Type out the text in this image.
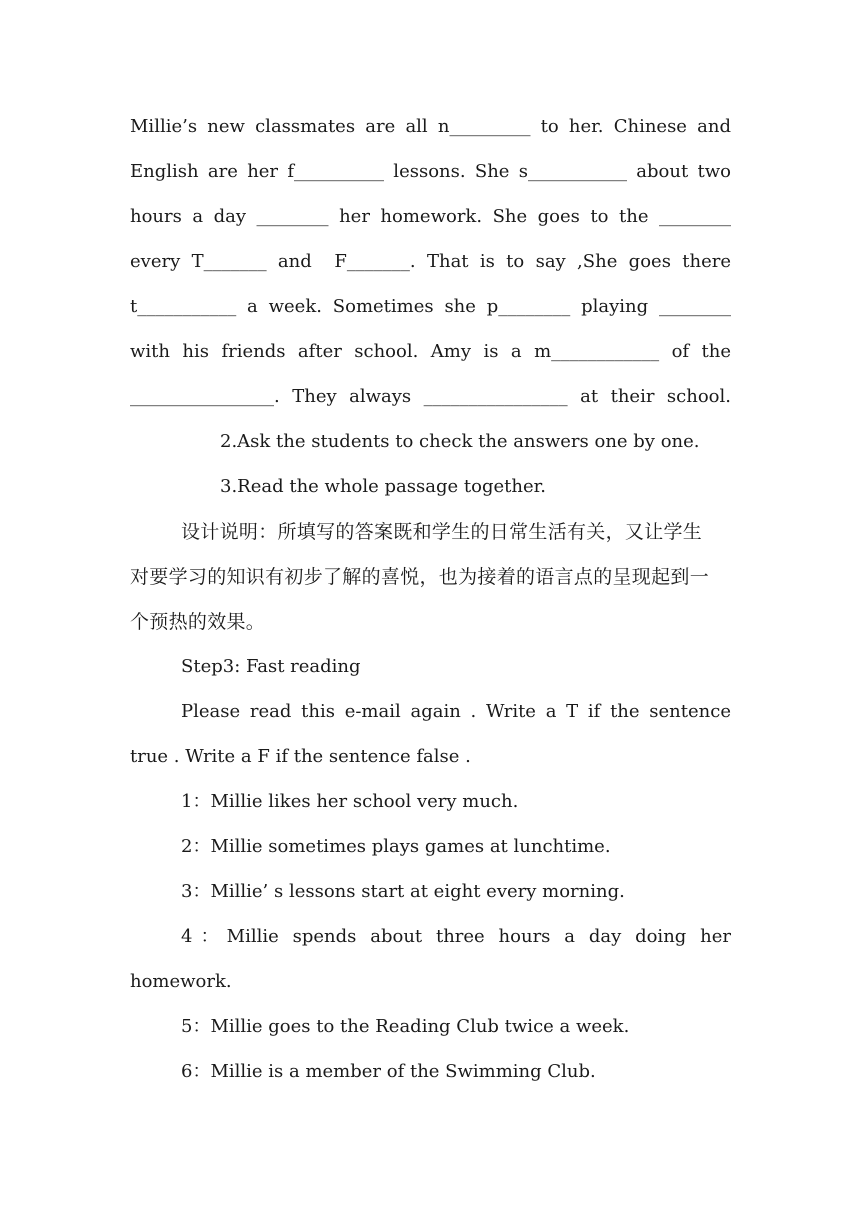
Millie’s new classmates are all n_________ to her. Chinese and
English are her f__________ lessons. She s___________ about two
hours a day ________ her homework. She goes to the ________
every T_______ and  F_______. That is to say ,She goes there
t___________ a week. Sometimes she p________ playing ________
with his friends after school. Amy is a m____________ of the
________________. They always ________________ at their school.
2.Ask the students to check the answers one by one.
3.Read the whole passage together.
设计说明：所填写的答案既和学生的日常生活有关，又让学生
对要学习的知识有初步了解的喜悦，也为接着的语言点的呈现起到一
个预热的效果。
Step3: Fast reading
Please read this e-mail again . Write a T if the sentence
true . Write a F if the sentence false .
1：Millie likes her school very much.
2：Millie sometimes plays games at lunchtime.
3：Millie’ s lessons start at eight every morning.
4：Millie spends about three hours a day doing her
homework.
5：Millie goes to the Reading Club twice a week.
6：Millie is a member of the Swimming Club.
